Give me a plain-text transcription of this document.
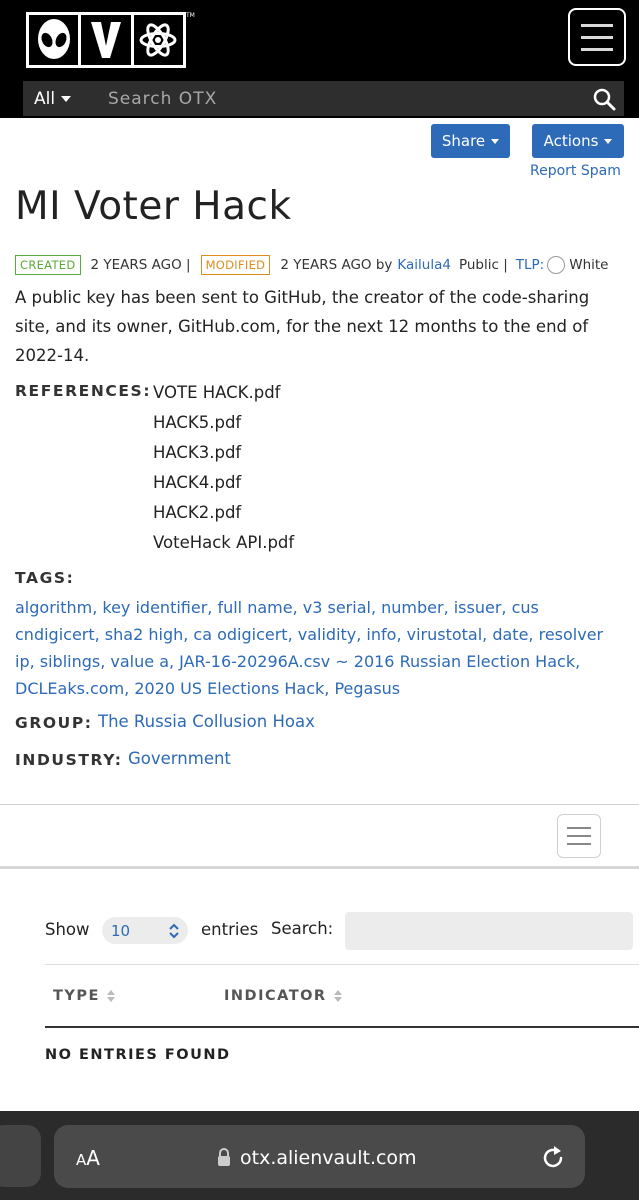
TM
All
Search OTX
Share	Actions
Report Spam
MI Voter Hack
CREATED	2 YEARS AGO |	MODIFIED	2 YEARS AGO by Kailula4 Public | TLP: White

A public key has been sent to GitHub, the creator of the code-sharing site, and its owner, GitHub.com, for the next 12 months to the end of 2022-14.

REFERENCES: VOTE HACK.pdf
HACK5.pdf
HACK3.pdf
HACK4.pdf
HACK2.pdf
VoteHack API.pdf
TAGS:

algorithm, key identifier, full name, v3 serial, number, issuer, cus cndigicert, sha2 high, ca odigicert, validity, info, virustotal, date, resolver ip, siblings, value a, JAR-16-20296A.csv ~ 2016 Russian Election Hack, DCLEaks.com, 2020 US Elections Hack, Pegasus

GROUP: The Russia Collusion Hoax
INDUSTRY: Government
Show 10	entries Search:
TYPE	INDICATOR
NO ENTRIES FOUND
AA	otx.alienvault.com
